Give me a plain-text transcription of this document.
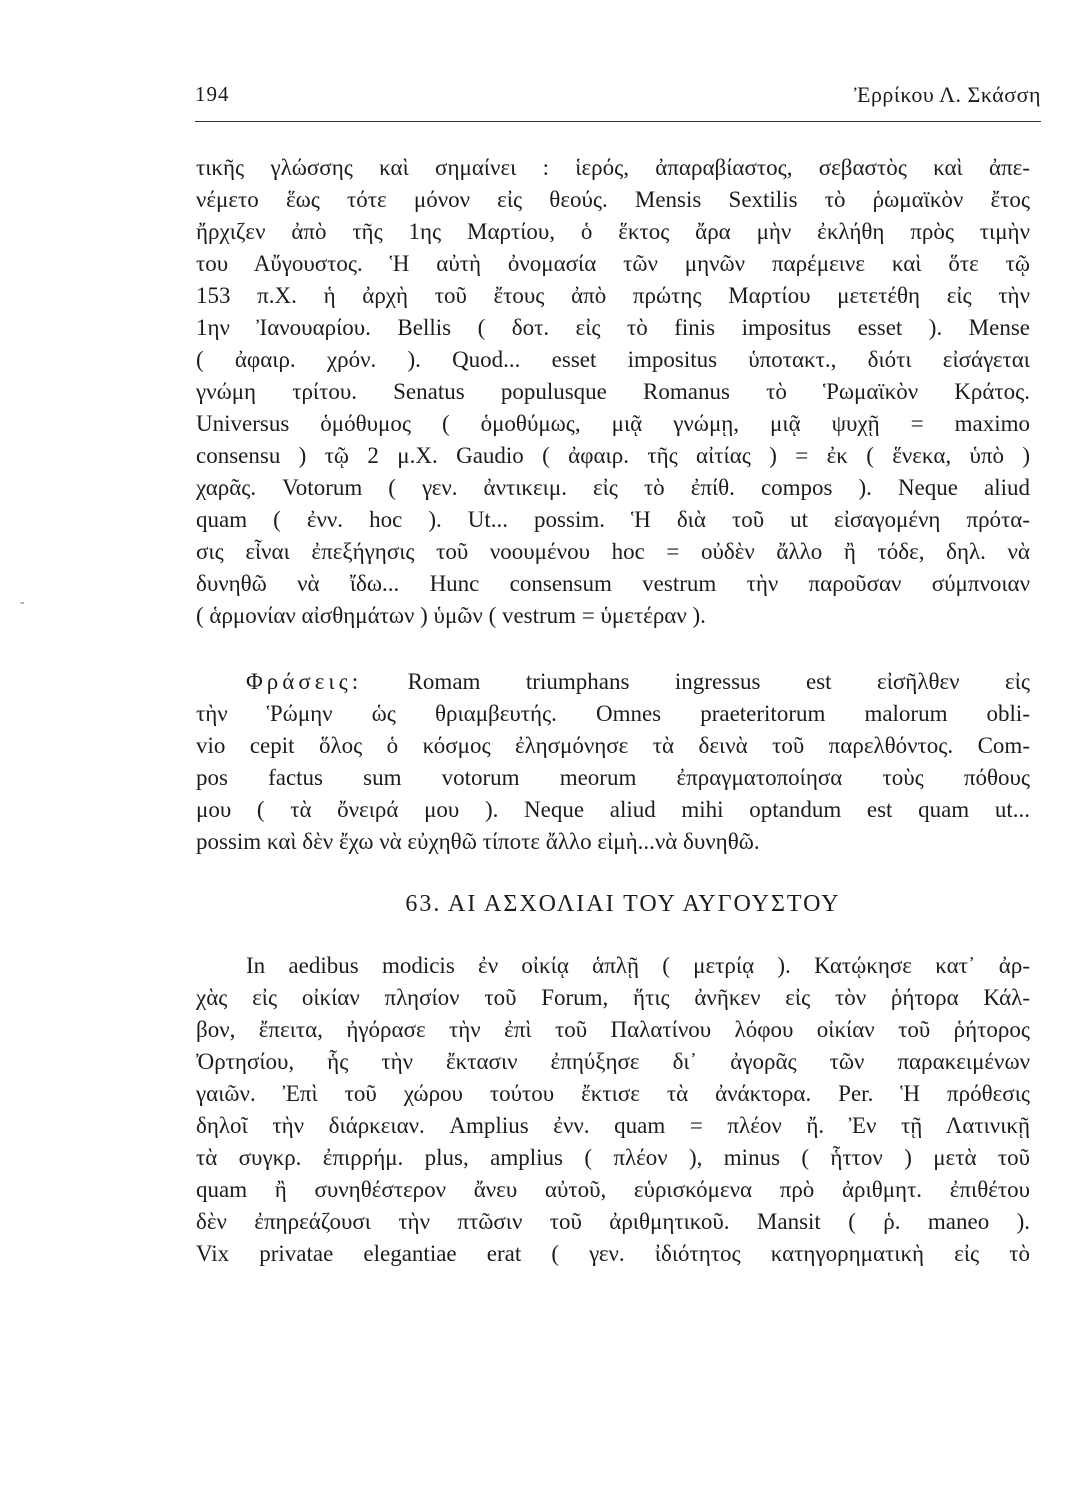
194	Ἐρρίκου Λ. Σκάσση
-
τικῆς γλώσσης καὶ σημαίνει : ἱερός, ἀπαραβίαστος, σεβαστὸς καὶ ἀπε-
νέμετο ἕως τότε μόνον εἰς θεούς. Mensis Sextilis τὸ ῥωμαϊκὸν ἔτος
ἤρχιζεν ἀπὸ τῆς 1ης Μαρτίου, ὁ ἕκτος ἄρα μὴν ἐκλήθη πρὸς τιμὴν
του Αὔγουστος. Ἡ αὐτὴ ὀνομασία τῶν μηνῶν παρέμεινε καὶ ὅτε τῷ
153 π.Χ. ἡ ἀρχὴ τοῦ ἔτους ἀπὸ πρώτης Μαρτίου μετετέθη εἰς τὴν
1ην Ἰανουαρίου. Bellis ( δοτ. εἰς τὸ finis impositus esset ). Mense
( ἀφαιρ. χρόν. ). Quod... esset impositus ὑποτακτ., διότι εἰσάγεται
γνώμη τρίτου. Senatus populusque Romanus τὸ Ῥωμαϊκὸν Κράτος.
Universus ὁμόθυμος ( ὁμοθύμως, μιᾷ γνώμῃ, μιᾷ ψυχῇ = maximo
consensu ) τῷ 2 μ.Χ. Gaudio ( ἀφαιρ. τῆς αἰτίας ) = ἐκ ( ἕνεκα, ὑπὸ )
χαρᾶς. Votorum ( γεν. ἀντικειμ. εἰς τὸ ἐπίθ. compos ). Neque aliud
quam ( ἐνν. hoc ). Ut... possim. Ἡ διὰ τοῦ ut εἰσαγομένη πρότα-
σις εἶναι ἐπεξήγησις τοῦ νοουμένου hoc = οὐδὲν ἄλλο ἢ τόδε, δηλ. νὰ
δυνηθῶ νὰ ἴδω... Hunc consensum vestrum τὴν παροῦσαν σύμπνοιαν
( ἁρμονίαν αἰσθημάτων ) ὑμῶν ( vestrum = ὑμετέραν ).
Φράσεις: Romam triumphans ingressus est εἰσῆλθεν εἰς
τὴν Ῥώμην ὡς θριαμβευτής. Omnes praeteritorum malorum obli-
vio cepit ὅλος ὁ κόσμος ἐλησμόνησε τὰ δεινὰ τοῦ παρελθόντος. Com-
pos factus sum votorum meorum ἐπραγματοποίησα τοὺς πόθους
μου ( τὰ ὄνειρά μου ). Neque aliud mihi optandum est quam ut...
possim καὶ δὲν ἔχω νὰ εὐχηθῶ τίποτε ἄλλο εἰμὴ...νὰ δυνηθῶ.
63. ΑΙ ΑΣΧΟΛΙΑΙ ΤΟΥ ΑΥΓΟΥΣΤΟΥ
In aedibus modicis ἐν οἰκίᾳ ἁπλῇ ( μετρίᾳ ). Κατῴκησε κατ᾽ ἀρ-
χὰς εἰς οἰκίαν πλησίον τοῦ Forum, ἥτις ἀνῆκεν εἰς τὸν ῥήτορα Κάλ-
βον, ἔπειτα, ἠγόρασε τὴν ἐπὶ τοῦ Παλατίνου λόφου οἰκίαν τοῦ ῥήτορος
Ὀρτησίου, ἧς τὴν ἔκτασιν ἐπηύξησε δι᾽ ἀγορᾶς τῶν παρακειμένων
γαιῶν. Ἐπὶ τοῦ χώρου τούτου ἔκτισε τὰ ἀνάκτορα. Per. Ἡ πρόθεσις
δηλοῖ τὴν διάρκειαν. Amplius ἐνν. quam = πλέον ἤ. Ἐν τῇ Λατινικῇ
τὰ συγκρ. ἐπιρρήμ. plus, amplius ( πλέον ), minus ( ἧττον ) μετὰ τοῦ
quam ἢ συνηθέστερον ἄνευ αὐτοῦ, εὑρισκόμενα πρὸ ἀριθμητ. ἐπιθέτου
δὲν ἐπηρεάζουσι τὴν πτῶσιν τοῦ ἀριθμητικοῦ. Mansit ( ῥ. maneo ).
Vix privatae elegantiae erat ( γεν. ἰδιότητος κατηγορηματικὴ εἰς τὸ
